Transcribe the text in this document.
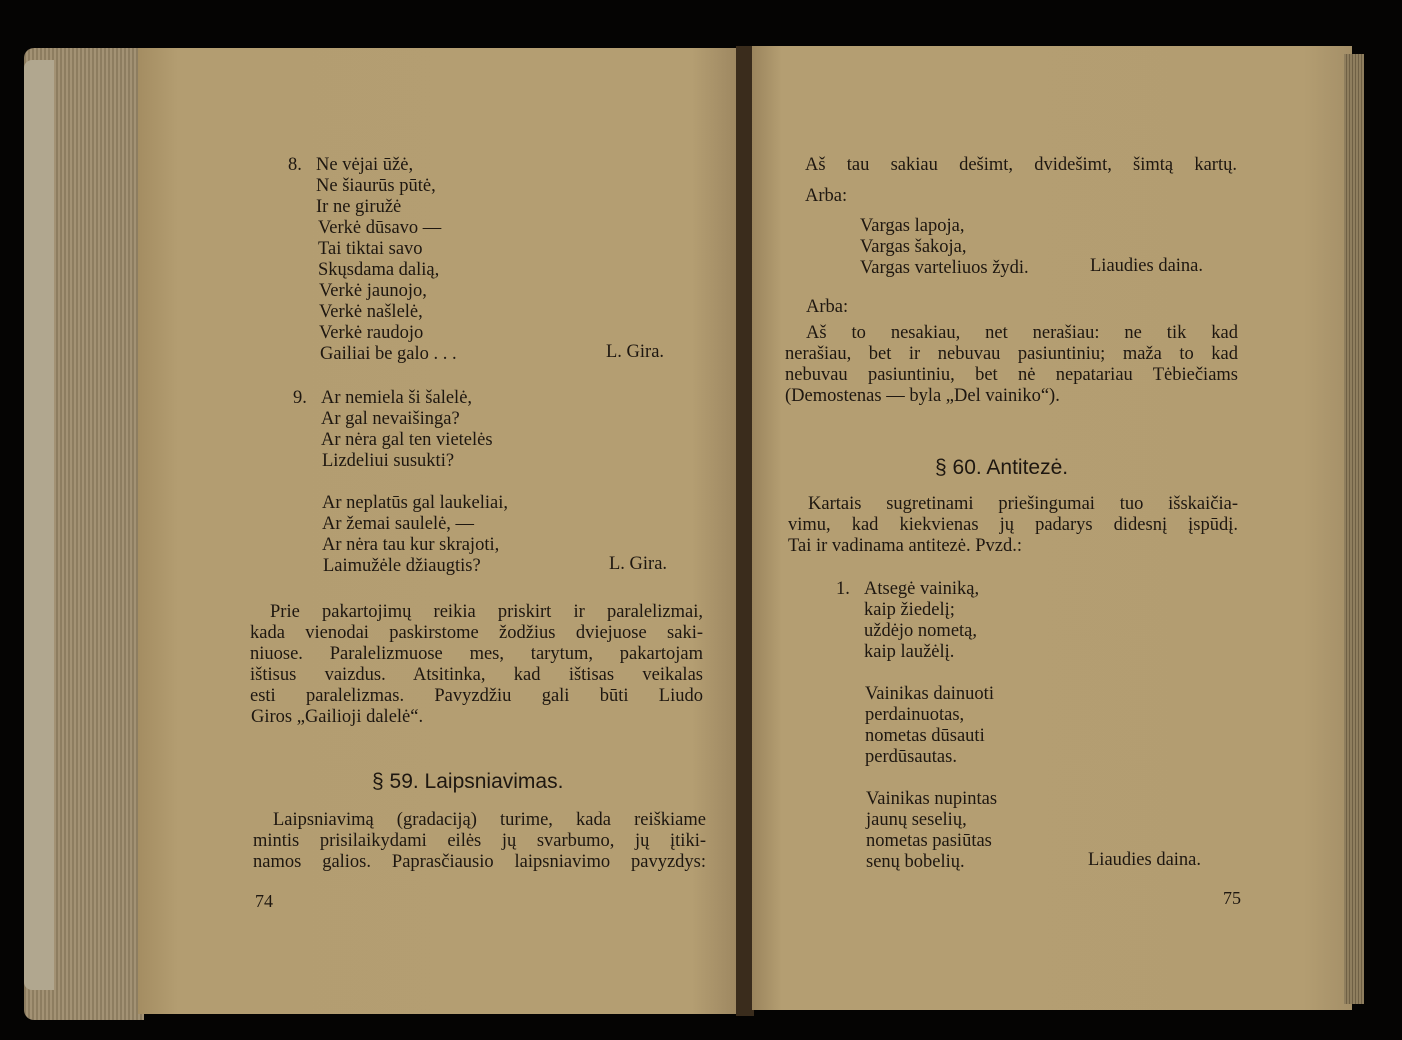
8. Ne vėjai ūžė,
Ne šiaurūs pūtė,
Ir ne giružė
Verkė dūsavo —
Tai tiktai savo
Skųsdama dalią,
Verkė jaunojo,
Verkė našlelė,
Verkė raudojo
Gailiai be galo . . .	L. Gira.
9. Ar nemiela ši šalelė,
Ar gal nevaišinga?
Ar nėra gal ten vietelės
Lizdeliui susukti?
Ar neplatūs gal laukeliai,
Ar žemai saulelė, —
Ar nėra tau kur skrajoti,
Laimužėle džiaugtis?	L. Gira.
Prie pakartojimų reikia priskirt ir paralelizmai,
kada vienodai paskirstome žodžius dviejuose saki-
niuose. Paralelizmuose mes, tarytum, pakartojam
ištisus vaizdus. Atsitinka, kad ištisas veikalas
esti paralelizmas. Pavyzdžiu gali būti Liudo
Giros „Gailioji dalelė“.
§ 59. Laipsniavimas.
Laipsniavimą (gradaciją) turime, kada reiškiame
mintis prisilaikydami eilės jų svarbumo, jų įtiki-
namos galios. Paprasčiausio laipsniavimo pavyzdys:
74
Aš tau sakiau dešimt, dvidešimt, šimtą kartų.
Arba:
Vargas lapoja,
Vargas šakoja,
Vargas varteliuos žydi.	Liaudies daina.
Arba:
Aš to nesakiau, net nerašiau: ne tik kad
nerašiau, bet ir nebuvau pasiuntiniu; maža to kad
nebuvau pasiuntiniu, bet nė nepatariau Tėbiečiams
(Demostenas — byla „Del vainiko“).
§ 60. Antitezė.
Kartais sugretinami priešingumai tuo išskaičia-
vimu, kad kiekvienas jų padarys didesnį įspūdį.
Tai ir vadinama antitezė. Pvzd.:
1. Atsegė vainiką,
kaip žiedelį;
uždėjo nometą,
kaip laužėlį.
Vainikas dainuoti
perdainuotas,
nometas dūsauti
perdūsautas.
Vainikas nupintas
jaunų seselių,
nometas pasiūtas
senų bobelių.	Liaudies daina.
75
